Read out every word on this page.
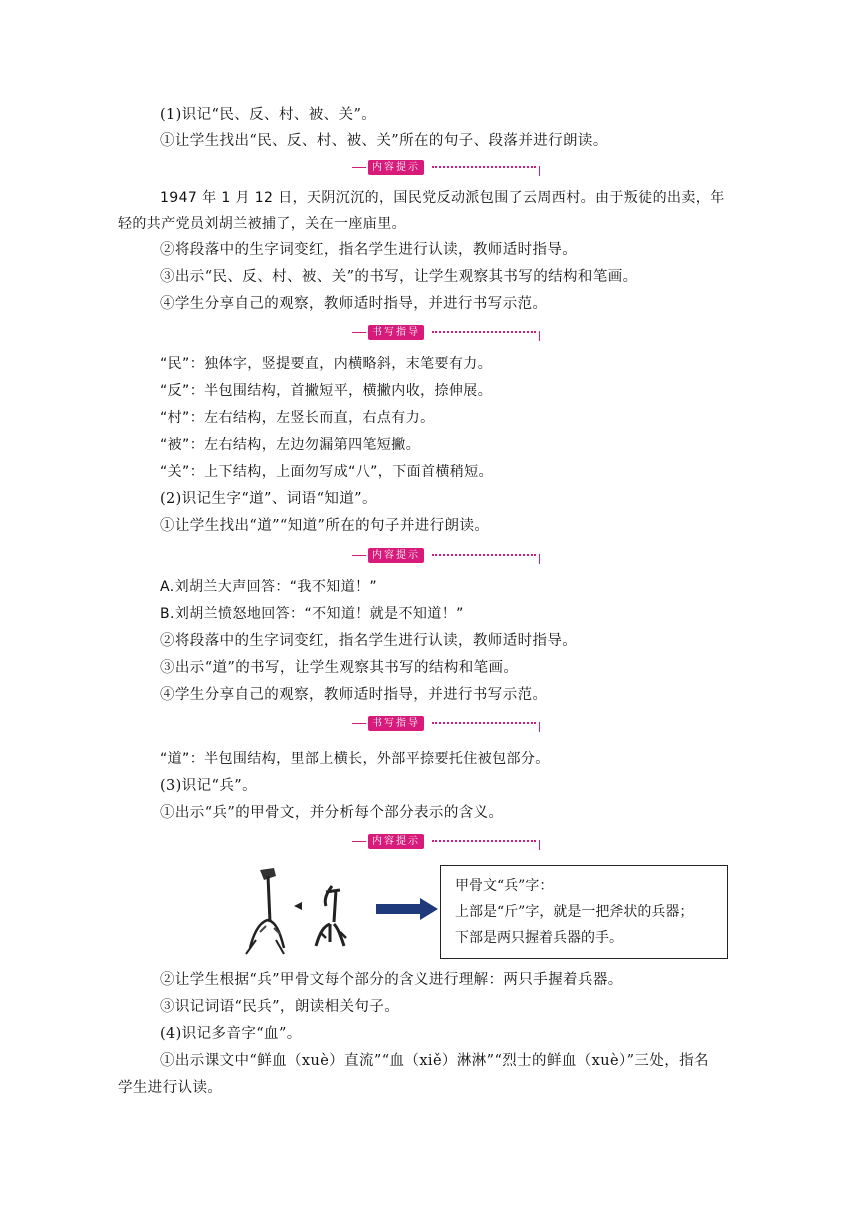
(1)识记“民、反、村、被、关”。
①让学生找出“民、反、村、被、关”所在的句子、段落并进行朗读。
内容提示
1947 年 1 月 12 日，天阴沉沉的，国民党反动派包围了云周西村。由于叛徒的出卖，年
轻的共产党员刘胡兰被捕了，关在一座庙里。
②将段落中的生字词变红，指名学生进行认读，教师适时指导。
③出示“民、反、村、被、关”的书写，让学生观察其书写的结构和笔画。
④学生分享自己的观察，教师适时指导，并进行书写示范。
书写指导
“民”：独体字，竖提要直，内横略斜，末笔要有力。
“反”：半包围结构，首撇短平，横撇内收，捺伸展。
“村”：左右结构，左竖长而直，右点有力。
“被”：左右结构，左边勿漏第四笔短撇。
“关”：上下结构，上面勿写成“八”，下面首横稍短。
(2)识记生字“道”、词语“知道”。
①让学生找出“道”“知道”所在的句子并进行朗读。
内容提示
A.刘胡兰大声回答：“我不知道！”
B.刘胡兰愤怒地回答：“不知道！就是不知道！”
②将段落中的生字词变红，指名学生进行认读，教师适时指导。
③出示“道”的书写，让学生观察其书写的结构和笔画。
④学生分享自己的观察，教师适时指导，并进行书写示范。
书写指导
“道”：半包围结构，里部上横长，外部平捺要托住被包部分。
(3)识记“兵”。
①出示“兵”的甲骨文，并分析每个部分表示的含义。
内容提示
甲骨文“兵”字：
上部是“斤”字，就是一把斧状的兵器；
下部是两只握着兵器的手。
②让学生根据“兵”甲骨文每个部分的含义进行理解：两只手握着兵器。
③识记词语“民兵”，朗读相关句子。
(4)识记多音字“血”。
①出示课文中“鲜血（xuè）直流”“血（xiě）淋淋”“烈士的鲜血（xuè）”三处，指名
学生进行认读。
